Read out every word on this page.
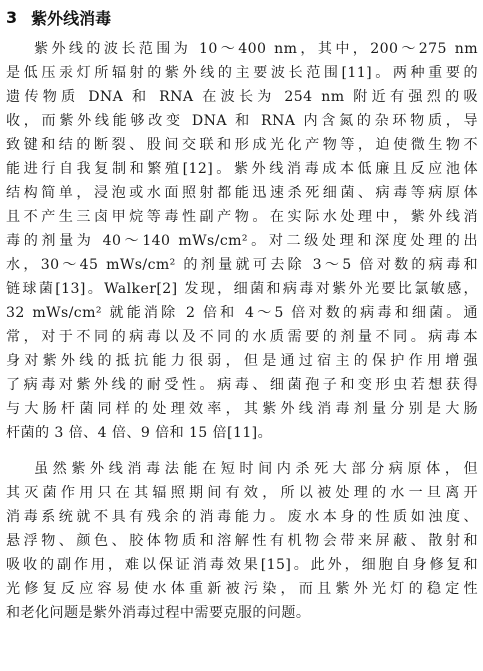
3 紫外线消毒
紫外线的波长范围为 10～400 nm，其中，200～275 nm
是低压汞灯所辐射的紫外线的主要波长范围[11]。两种重要的
遗传物质 DNA 和 RNA 在波长为 254 nm 附近有强烈的吸
收，而紫外线能够改变 DNA 和 RNA 内含氮的杂环物质，导
致键和结的断裂、股间交联和形成光化产物等，迫使微生物不
能进行自我复制和繁殖[12]。紫外线消毒成本低廉且反应池体
结构简单，浸泡或水面照射都能迅速杀死细菌、病毒等病原体
且不产生三卤甲烷等毒性副产物。在实际水处理中，紫外线消
毒的剂量为 40～140 mWs/cm²。对二级处理和深度处理的出
水，30～45 mWs/cm² 的剂量就可去除 3～5 倍对数的病毒和
链球菌[13]。Walker[2] 发现，细菌和病毒对紫外光要比氯敏感，
32 mWs/cm² 就能消除 2 倍和 4～5 倍对数的病毒和细菌。通
常，对于不同的病毒以及不同的水质需要的剂量不同。病毒本
身对紫外线的抵抗能力很弱，但是通过宿主的保护作用增强
了病毒对紫外线的耐受性。病毒、细菌孢子和变形虫若想获得
与大肠杆菌同样的处理效率，其紫外线消毒剂量分别是大肠
杆菌的 3 倍、4 倍、9 倍和 15 倍[11]。
虽然紫外线消毒法能在短时间内杀死大部分病原体，但
其灭菌作用只在其辐照期间有效，所以被处理的水一旦离开
消毒系统就不具有残余的消毒能力。废水本身的性质如浊度、
悬浮物、颜色、胶体物质和溶解性有机物会带来屏蔽、散射和
吸收的副作用，难以保证消毒效果[15]。此外，细胞自身修复和
光修复反应容易使水体重新被污染，而且紫外光灯的稳定性
和老化问题是紫外消毒过程中需要克服的问题。
